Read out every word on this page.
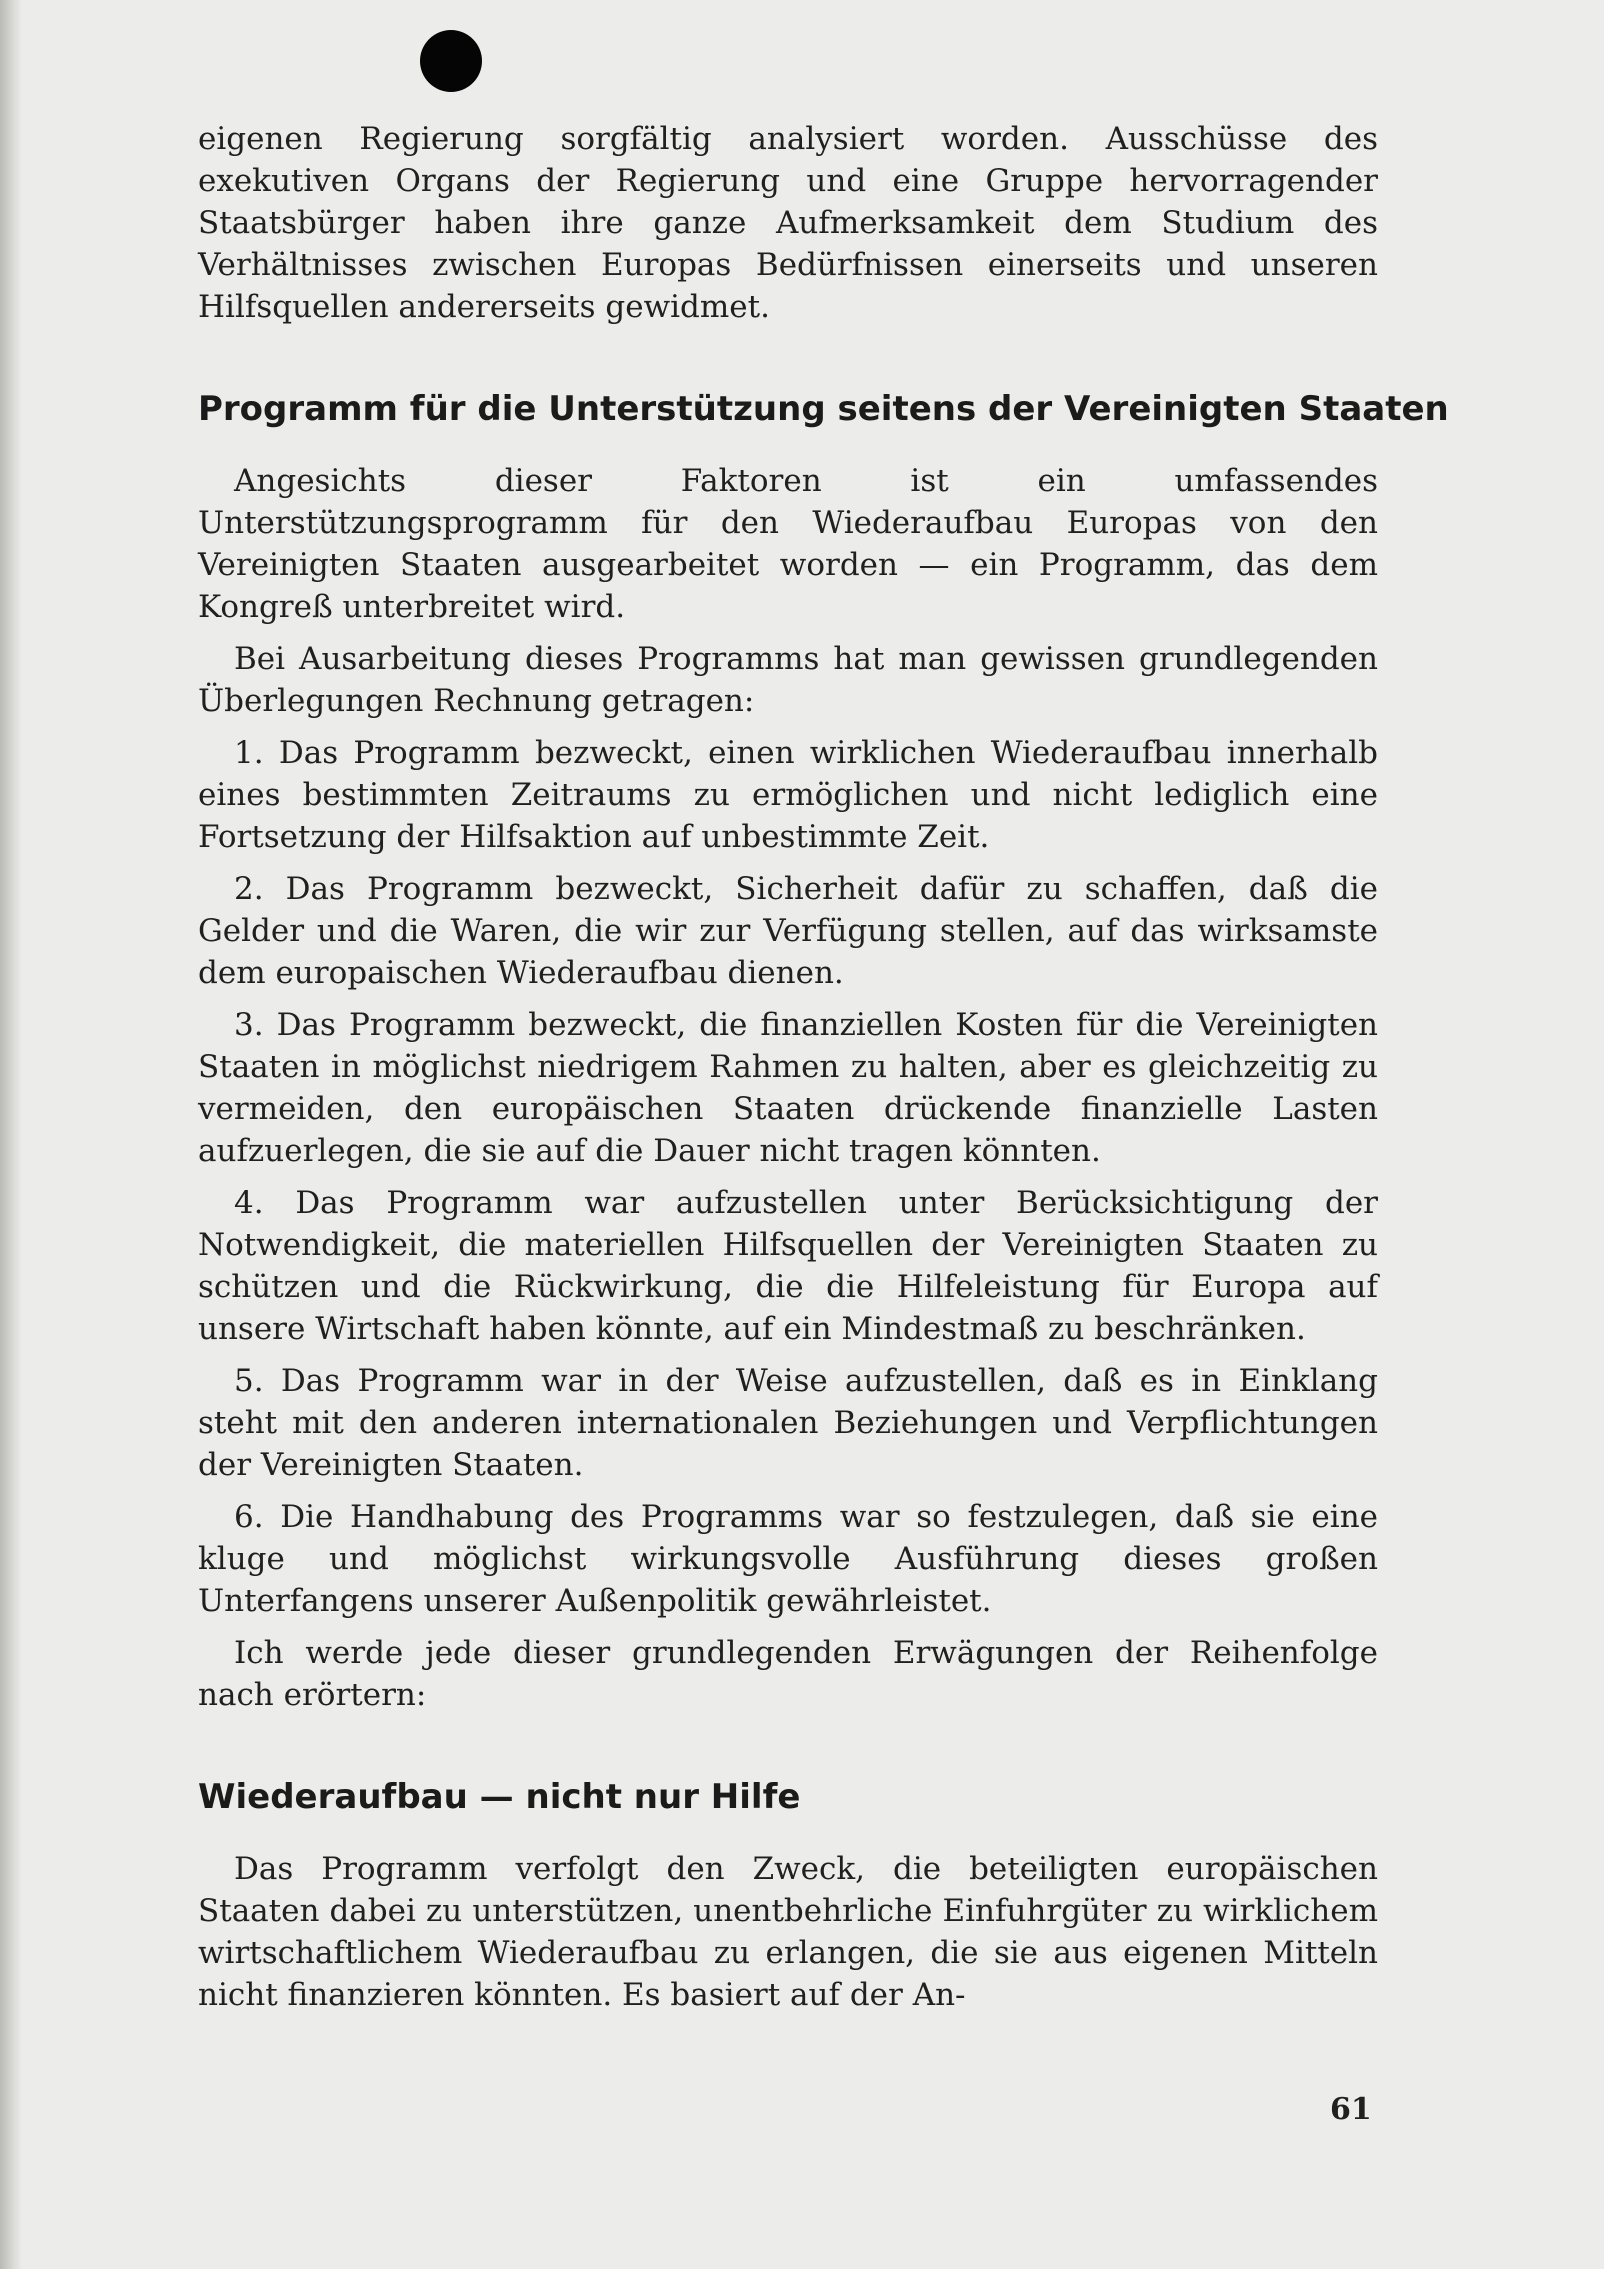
eigenen Regierung sorgfältig analysiert worden. Ausschüsse des exekutiven Organs der Regierung und eine Gruppe hervorragender Staatsbürger haben ihre ganze Aufmerksamkeit dem Studium des Verhältnisses zwischen Europas Bedürfnissen einerseits und unseren Hilfsquellen andererseits gewidmet.

Programm für die Unterstützung seitens der Vereinigten Staaten

Angesichts dieser Faktoren ist ein umfassendes Unterstützungsprogramm für den Wiederaufbau Europas von den Vereinigten Staaten ausgearbeitet worden — ein Programm, das dem Kongreß unterbreitet wird.

Bei Ausarbeitung dieses Programms hat man gewissen grundlegenden Überlegungen Rechnung getragen:

1. Das Programm bezweckt, einen wirklichen Wiederaufbau innerhalb eines bestimmten Zeitraums zu ermöglichen und nicht lediglich eine Fortsetzung der Hilfsaktion auf unbestimmte Zeit.

2. Das Programm bezweckt, Sicherheit dafür zu schaffen, daß die Gelder und die Waren, die wir zur Verfügung stellen, auf das wirksamste dem europaischen Wiederaufbau dienen.

3. Das Programm bezweckt, die finanziellen Kosten für die Vereinigten Staaten in möglichst niedrigem Rahmen zu halten, aber es gleichzeitig zu vermeiden, den europäischen Staaten drückende finanzielle Lasten aufzuerlegen, die sie auf die Dauer nicht tragen könnten.

4. Das Programm war aufzustellen unter Berücksichtigung der Notwendigkeit, die materiellen Hilfsquellen der Vereinigten Staaten zu schützen und die Rückwirkung, die die Hilfeleistung für Europa auf unsere Wirtschaft haben könnte, auf ein Mindestmaß zu beschränken.

5. Das Programm war in der Weise aufzustellen, daß es in Einklang steht mit den anderen internationalen Beziehungen und Verpflichtungen der Vereinigten Staaten.

6. Die Handhabung des Programms war so festzulegen, daß sie eine kluge und möglichst wirkungsvolle Ausführung dieses großen Unterfangens unserer Außenpolitik gewährleistet.

Ich werde jede dieser grundlegenden Erwägungen der Reihenfolge nach erörtern:

Wiederaufbau — nicht nur Hilfe

Das Programm verfolgt den Zweck, die beteiligten europäischen Staaten dabei zu unterstützen, unentbehrliche Einfuhrgüter zu wirklichem wirtschaftlichem Wiederaufbau zu erlangen, die sie aus eigenen Mitteln nicht finanzieren könnten. Es basiert auf der An-

61
